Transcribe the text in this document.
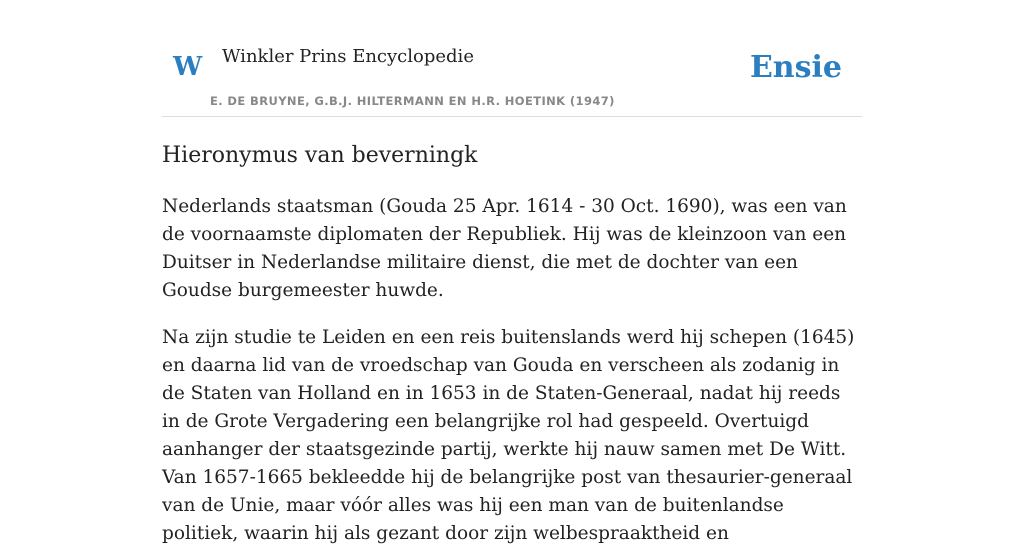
W Winkler Prins Encyclopedie
E. DE BRUYNE, G.B.J. HILTERMANN EN H.R. HOETINK (1947)
Ensie
Hieronymus van beverningk

Nederlands staatsman (Gouda 25 Apr. 1614 - 30 Oct. 1690), was een van de voornaamste diplomaten der Republiek. Hij was de kleinzoon van een Duitser in Nederlandse militaire dienst, die met de dochter van een Goudse burgemeester huwde.

Na zijn studie te Leiden en een reis buitenslands werd hij schepen (1645) en daarna lid van de vroedschap van Gouda en verscheen als zodanig in de Staten van Holland en in 1653 in de Staten-Generaal, nadat hij reeds in de Grote Vergadering een belangrijke rol had gespeeld. Overtuigd aanhanger der staatsgezinde partij, werkte hij nauw samen met De Witt. Van 1657-1665 bekleedde hij de belangrijke post van thesaurier-generaal van de Unie, maar vóór alles was hij een man van de buitenlandse politiek, waarin hij als gezant door zijn welbespraaktheid en
